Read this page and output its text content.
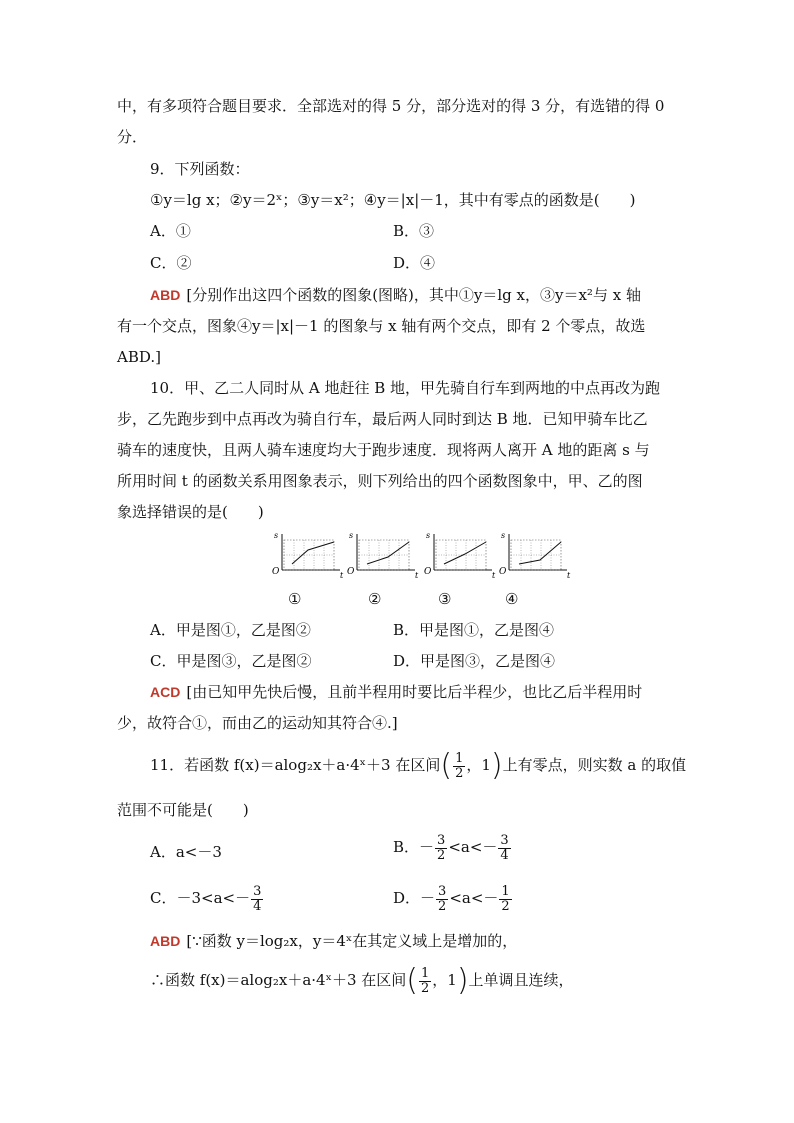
中，有多项符合题目要求．全部选对的得 5 分，部分选对的得 3 分，有选错的得 0
分．
9．下列函数：
①y＝lg x；②y＝2ˣ；③y＝x²；④y＝|x|－1，其中有零点的函数是(　　)
A．①	B．③
C．②	D．④
ABD [分别作出这四个函数的图象(图略)，其中①y＝lg x，③y＝x²与 x 轴
有一个交点，图象④y＝|x|－1 的图象与 x 轴有两个交点，即有 2 个零点，故选
ABD.]
10．甲、乙二人同时从 A 地赶往 B 地，甲先骑自行车到两地的中点再改为跑
步，乙先跑步到中点再改为骑自行车，最后两人同时到达 B 地．已知甲骑车比乙
骑车的速度快，且两人骑车速度均大于跑步速度．现将两人离开 A 地的距离 s 与
所用时间 t 的函数关系用图象表示，则下列给出的四个函数图象中，甲、乙的图
象选择错误的是(　　)
s
O	t
s
O	t
s
O	t
s
O	t
①	②	③	④
A．甲是图①，乙是图②	B．甲是图①，乙是图④
C．甲是图③，乙是图②	D．甲是图③，乙是图④
ACD [由已知甲先快后慢，且前半程用时要比后半程少，也比乙后半程用时
少，故符合①，而由乙的运动知其符合④.]
11．若函数 f(x)＝alog₂x＋a·4ˣ＋3 在区间( $\frac{1}{2}$ ，1)上有零点，则实数 a 的取值
范围不可能是(　　)
A．a<－3	B．－ $\frac{3}{2} <a<- \frac{3}{4}$
C．$-3<a<- \frac{3}{4}$	D．－ $\frac{3}{2} <a<- \frac{1}{2}$
ABD [∵函数 y＝log₂x，y＝4ˣ在其定义域上是增加的，
∴函数 f(x)＝alog₂x＋a·4ˣ＋3 在区间( $\frac{1}{2}$ ，1)上单调且连续，
